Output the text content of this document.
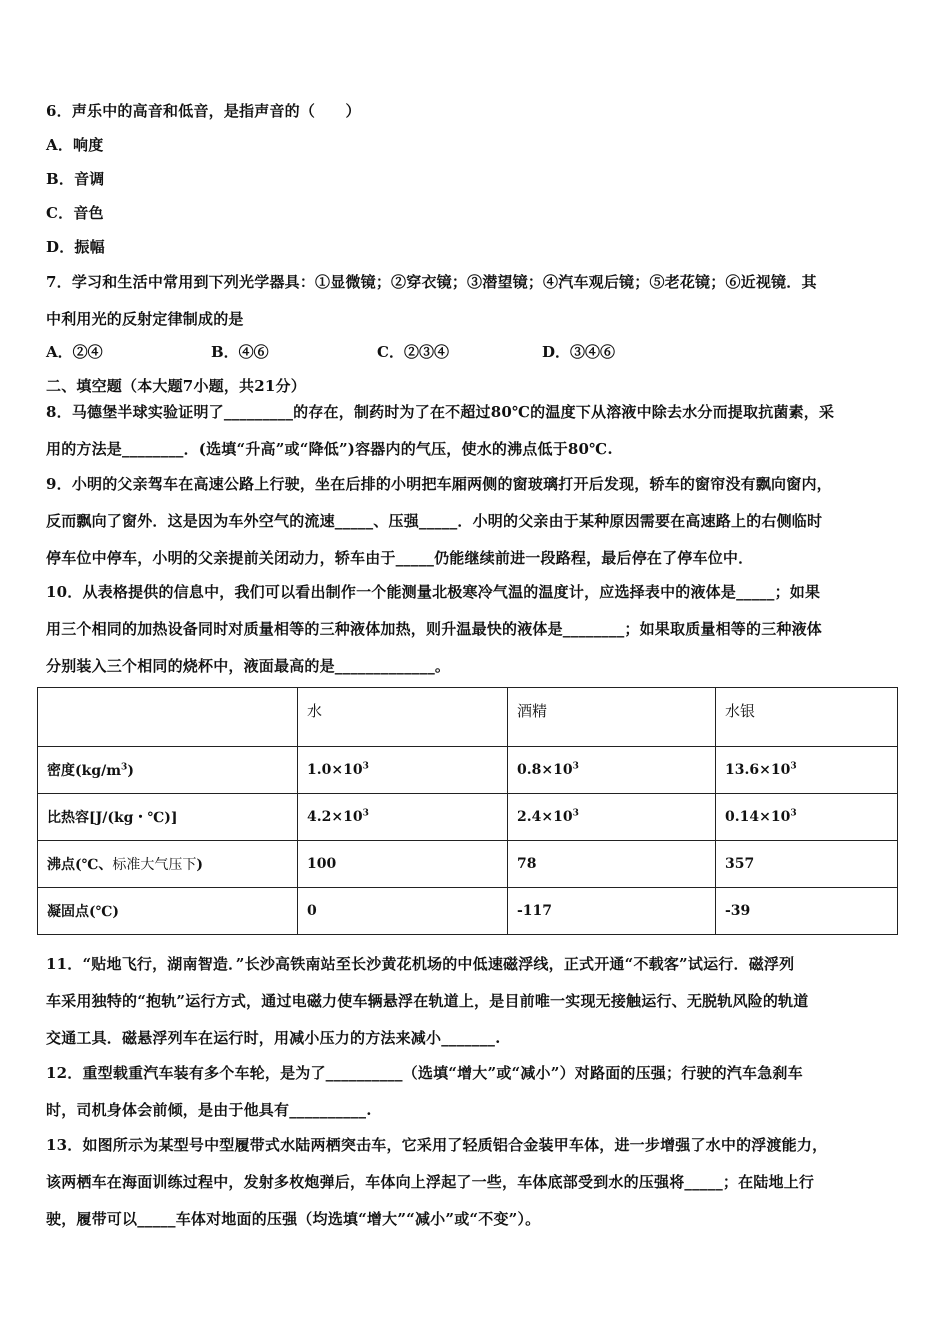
6．声乐中的高音和低音，是指声音的（　　）
A．响度
B．音调
C．音色
D．振幅
7．学习和生活中常用到下列光学器具：①显微镜；②穿衣镜；③潜望镜；④汽车观后镜；⑤老花镜；⑥近视镜．其
中利用光的反射定律制成的是
A．②④	B．④⑥	C．②③④	D．③④⑥
二、填空题（本大题7小题，共21分）
8．马德堡半球实验证明了_________的存在，制药时为了在不超过80℃的温度下从溶液中除去水分而提取抗菌素，采
用的方法是________．(选填“升高”或“降低”)容器内的气压，使水的沸点低于80℃.
9．小明的父亲驾车在高速公路上行驶，坐在后排的小明把车厢两侧的窗玻璃打开后发现，轿车的窗帘没有飘向窗内，
反而飘向了窗外．这是因为车外空气的流速_____、压强_____．小明的父亲由于某种原因需要在高速路上的右侧临时
停车位中停车，小明的父亲提前关闭动力，轿车由于_____仍能继续前进一段路程，最后停在了停车位中．
10．从表格提供的信息中，我们可以看出制作一个能测量北极寒冷气温的温度计，应选择表中的液体是_____；如果
用三个相同的加热设备同时对质量相等的三种液体加热，则升温最快的液体是________；如果取质量相等的三种液体
分别装入三个相同的烧杯中，液面最高的是_____________。
	水	酒精	水银
密度$(kg/m^3)$	$1.0\times 10^3$	$0.8\times 10^3$	$13.6\times 10^3$
比热容[J/(kg・℃)]	$4.2\times 10^3$	$2.4\times 10^3$	$0.14\times 10^3$
沸点(℃、标准大气压下)	100	78	357
凝固点(℃)	0	-117	-39
11．“贴地飞行，湖南智造．”长沙高铁南站至长沙黄花机场的中低速磁浮线，正式开通“不载客”试运行．磁浮列
车采用独特的“抱轨”运行方式，通过电磁力使车辆悬浮在轨道上，是目前唯一实现无接触运行、无脱轨风险的轨道
交通工具．磁悬浮列车在运行时，用减小压力的方法来减小_______.
12．重型载重汽车装有多个车轮，是为了__________（选填“增大”或“减小”）对路面的压强；行驶的汽车急刹车
时，司机身体会前倾，是由于他具有__________.
13．如图所示为某型号中型履带式水陆两栖突击车，它采用了轻质铝合金装甲车体，进一步增强了水中的浮渡能力，
该两栖车在海面训练过程中，发射多枚炮弹后，车体向上浮起了一些，车体底部受到水的压强将_____；在陆地上行
驶，履带可以_____车体对地面的压强（均选填“增大”“减小”或“不变”）。
